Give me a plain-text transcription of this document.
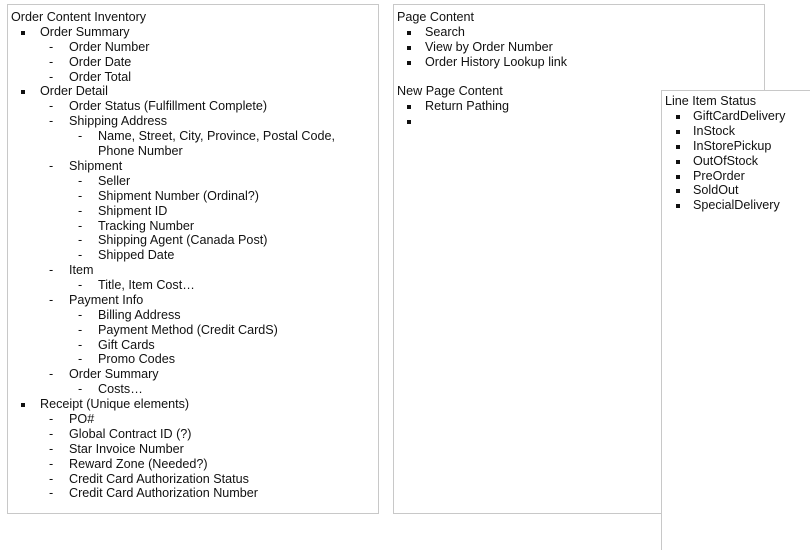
Order Content Inventory
Order Summary
- Order Number
- Order Date
- Order Total
Order Detail
- Order Status (Fulfillment Complete)
- Shipping Address
- Name, Street, City, Province, Postal Code,
Phone Number
- Shipment
- Seller
- Shipment Number (Ordinal?)
- Shipment ID
- Tracking Number
- Shipping Agent (Canada Post)
- Shipped Date
- Item
- Title, Item Cost…
- Payment Info
- Billing Address
- Payment Method (Credit CardS)
- Gift Cards
- Promo Codes
- Order Summary
- Costs…
Receipt (Unique elements)
- PO#
- Global Contract ID (?)
- Star Invoice Number
- Reward Zone (Needed?)
- Credit Card Authorization Status
- Credit Card Authorization Number
Page Content
Search
View by Order Number
Order History Lookup link
New Page Content
Return Pathing	Line Item Status
GiftCardDelivery
InStock
InStorePickup
OutOfStock
PreOrder
SoldOut
SpecialDelivery
